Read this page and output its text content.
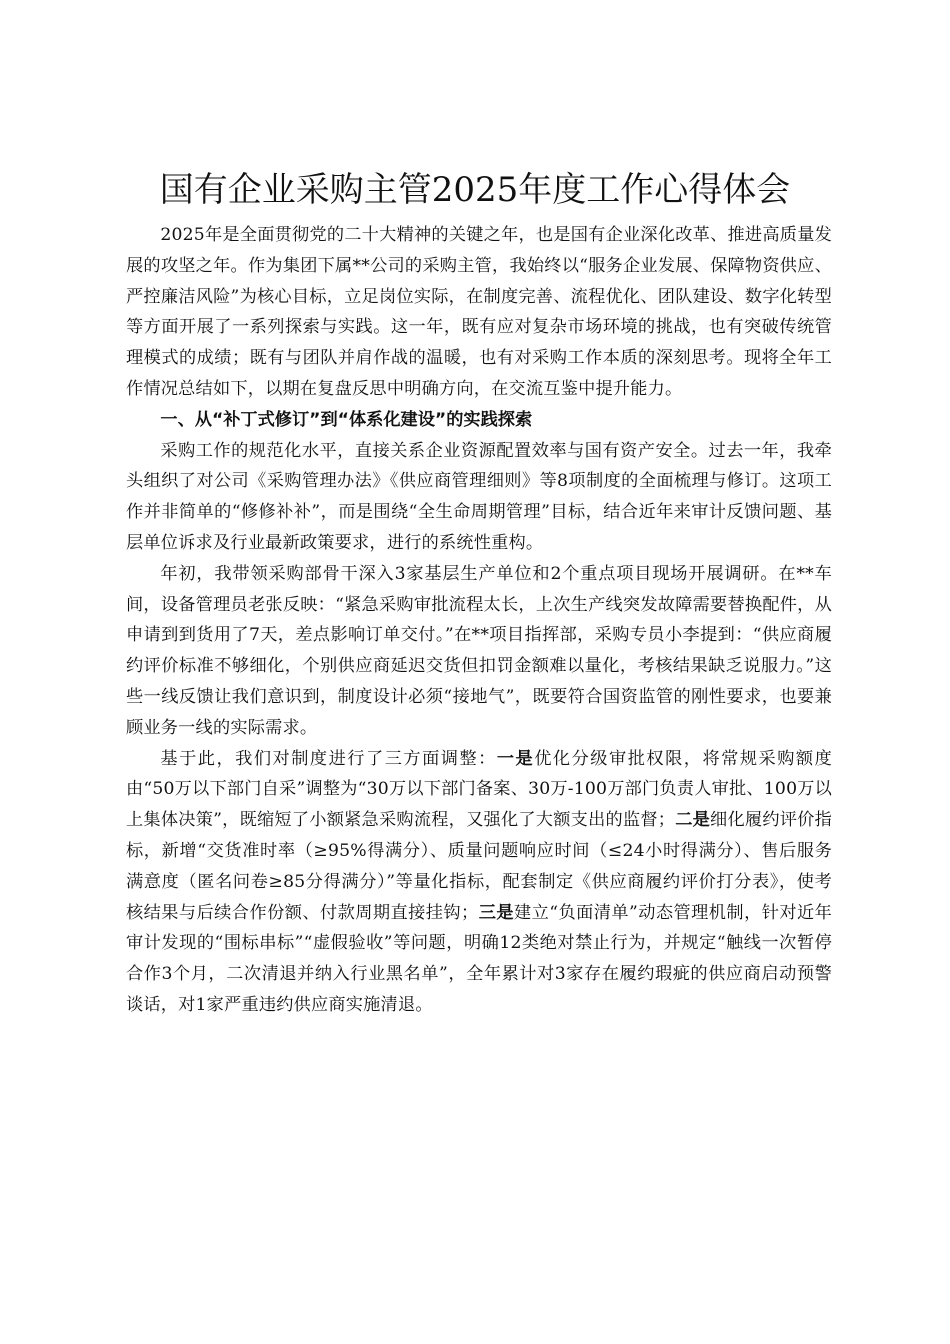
国有企业采购主管2025年度工作心得体会

2025年是全面贯彻党的二十大精神的关键之年，也是国有企业深化改革、推进高质量发展的攻坚之年。作为集团下属**公司的采购主管，我始终以“服务企业发展、保障物资供应、严控廉洁风险”为核心目标，立足岗位实际，在制度完善、流程优化、团队建设、数字化转型等方面开展了一系列探索与实践。这一年，既有应对复杂市场环境的挑战，也有突破传统管理模式的成绩；既有与团队并肩作战的温暖，也有对采购工作本质的深刻思考。现将全年工作情况总结如下，以期在复盘反思中明确方向，在交流互鉴中提升能力。

一、从“补丁式修订”到“体系化建设”的实践探索

采购工作的规范化水平，直接关系企业资源配置效率与国有资产安全。过去一年，我牵头组织了对公司《采购管理办法》《供应商管理细则》等8项制度的全面梳理与修订。这项工作并非简单的“修修补补”，而是围绕“全生命周期管理”目标，结合近年来审计反馈问题、基层单位诉求及行业最新政策要求，进行的系统性重构。

年初，我带领采购部骨干深入3家基层生产单位和2个重点项目现场开展调研。在**车间，设备管理员老张反映：“紧急采购审批流程太长，上次生产线突发故障需要替换配件，从申请到到货用了7天，差点影响订单交付。”在**项目指挥部，采购专员小李提到：“供应商履约评价标准不够细化，个别供应商延迟交货但扣罚金额难以量化，考核结果缺乏说服力。”这些一线反馈让我们意识到，制度设计必须“接地气”，既要符合国资监管的刚性要求，也要兼顾业务一线的实际需求。

基于此，我们对制度进行了三方面调整：一是优化分级审批权限，将常规采购额度由“50万以下部门自采”调整为“30万以下部门备案、30万-100万部门负责人审批、100万以上集体决策”，既缩短了小额紧急采购流程，又强化了大额支出的监督；二是细化履约评价指标，新增“交货准时率（≥95%得满分）、质量问题响应时间（≤24小时得满分）、售后服务满意度（匿名问卷≥85分得满分）”等量化指标，配套制定《供应商履约评价打分表》，使考核结果与后续合作份额、付款周期直接挂钩；三是建立“负面清单”动态管理机制，针对近年审计发现的“围标串标”“虚假验收”等问题，明确12类绝对禁止行为，并规定“触线一次暂停合作3个月，二次清退并纳入行业黑名单”，全年累计对3家存在履约瑕疵的供应商启动预警谈话，对1家严重违约供应商实施清退。
